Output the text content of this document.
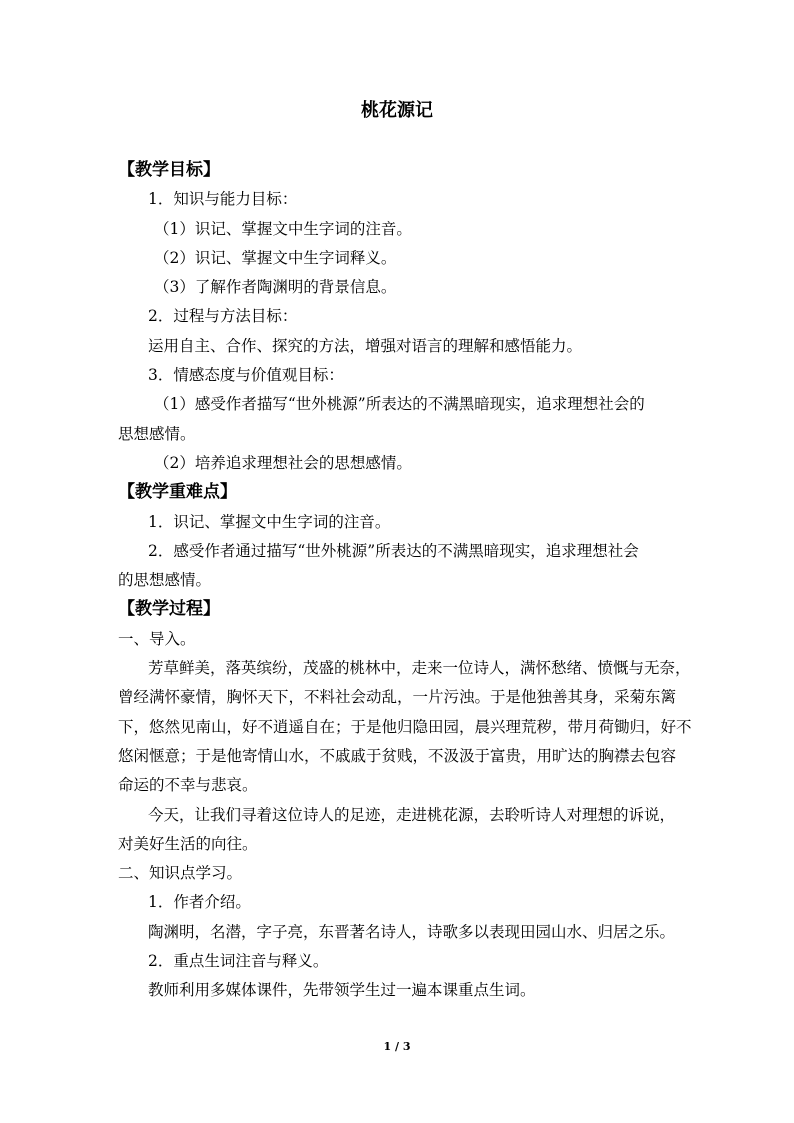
桃花源记
【教学目标】
1．知识与能力目标：
（1）识记、掌握文中生字词的注音。
（2）识记、掌握文中生字词释义。
（3）了解作者陶渊明的背景信息。
2．过程与方法目标：
运用自主、合作、探究的方法，增强对语言的理解和感悟能力。
3．情感态度与价值观目标：
（1）感受作者描写“世外桃源”所表达的不满黑暗现实，追求理想社会的
思想感情。
（2）培养追求理想社会的思想感情。
【教学重难点】
1．识记、掌握文中生字词的注音。
2．感受作者通过描写“世外桃源”所表达的不满黑暗现实，追求理想社会
的思想感情。
【教学过程】
一、导入。
芳草鲜美，落英缤纷，茂盛的桃林中，走来一位诗人，满怀愁绪、愤慨与无奈，
曾经满怀豪情，胸怀天下，不料社会动乱，一片污浊。于是他独善其身，采菊东篱
下，悠然见南山，好不逍遥自在；于是他归隐田园，晨兴理荒秽，带月荷锄归，好不
悠闲惬意；于是他寄情山水，不戚戚于贫贱，不汲汲于富贵，用旷达的胸襟去包容
命运的不幸与悲哀。
今天，让我们寻着这位诗人的足迹，走进桃花源，去聆听诗人对理想的诉说，
对美好生活的向往。
二、知识点学习。
1．作者介绍。
陶渊明，名潜，字子亮，东晋著名诗人，诗歌多以表现田园山水、归居之乐。
2．重点生词注音与释义。
教师利用多媒体课件，先带领学生过一遍本课重点生词。
1 / 3
